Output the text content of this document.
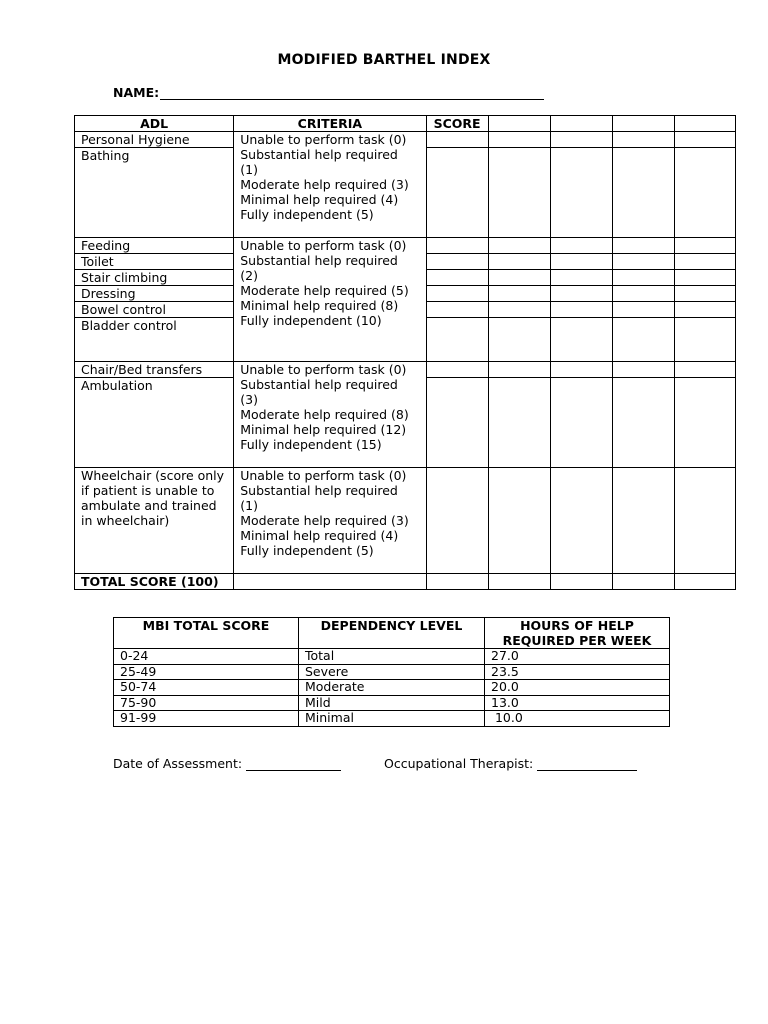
MODIFIED BARTHEL INDEX
NAME:
ADL	CRITERIA	SCORE				
Personal Hygiene	Unable to perform task (0)
Substantial help required (1)
Moderate help required (3)
Minimal help required (4)
Fully independent (5)					

Bathing						
Feeding	Unable to perform task (0)
Substantial help required (2)
Moderate help required (5)
Minimal help required (8)
Fully independent (10)					

Toilet						
Stair climbing						
Dressing						
Bowel control						
Bladder control						
Chair/Bed transfers	Unable to perform task (0)
Substantial help required (3)
Moderate help required (8)
Minimal help required (12)
Fully independent (15)					

Ambulation						
Wheelchair (score only if patient is unable to ambulate and trained in wheelchair)	Unable to perform task (0)
Substantial help required (1)
Moderate help required (3)
Minimal help required (4)
Fully independent (5)					

TOTAL SCORE (100)						
MBI TOTAL SCORE	DEPENDENCY LEVEL	HOURS OF HELP REQUIRED PER WEEK
0-24	Total	27.0
25-49	Severe	23.5
50-74	Moderate	20.0
75-90	Mild	13.0
91-99	Minimal	10.0
Date of Assessment:	Occupational Therapist:
